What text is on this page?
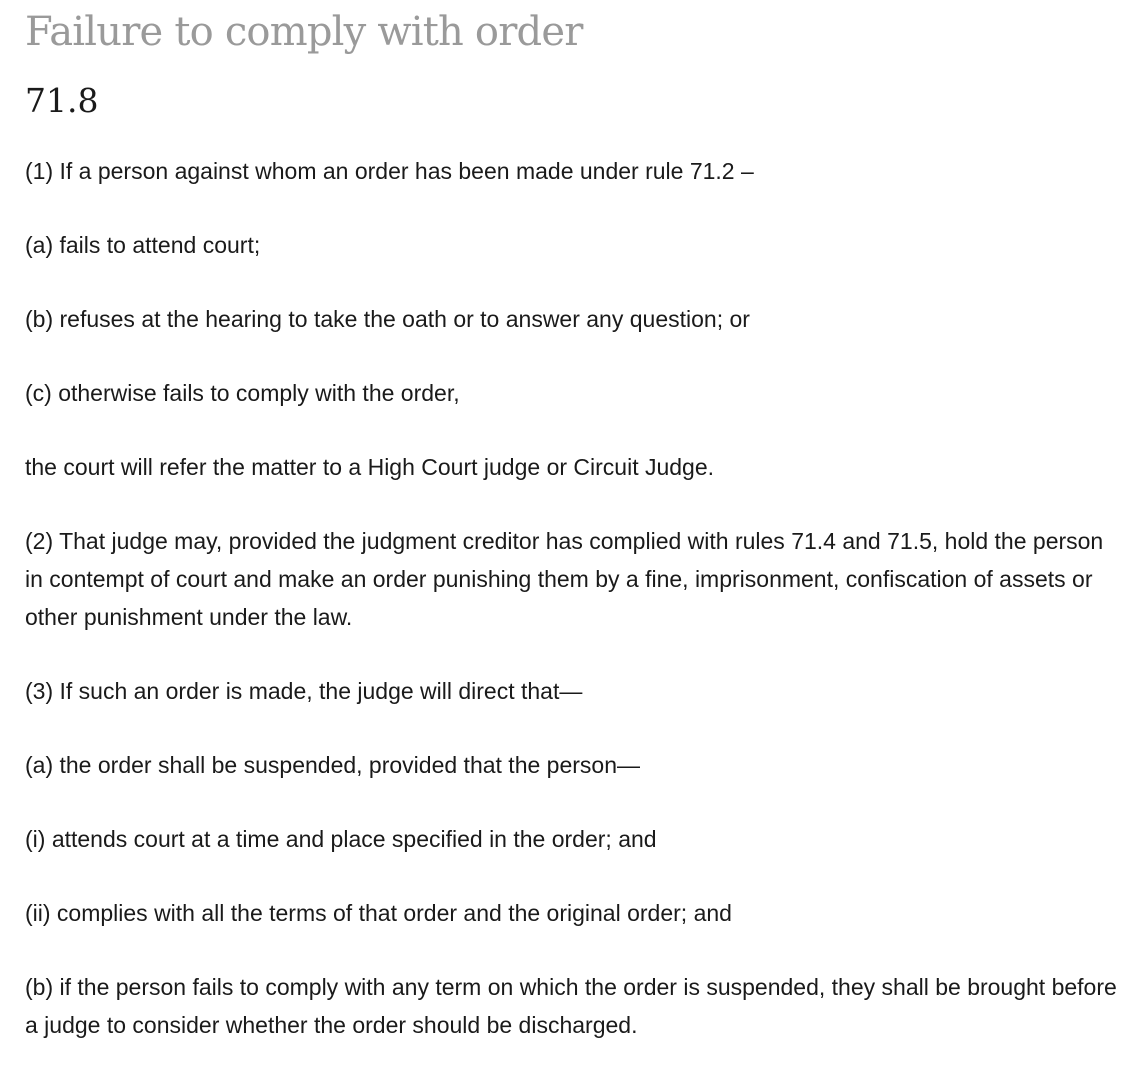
Failure to comply with order
71.8

(1) If a person against whom an order has been made under rule 71.2 –

(a) fails to attend court;

(b) refuses at the hearing to take the oath or to answer any question; or

(c) otherwise fails to comply with the order,

the court will refer the matter to a High Court judge or Circuit Judge.

(2) That judge may, provided the judgment creditor has complied with rules 71.4 and 71.5, hold the person in contempt of court and make an order punishing them by a fine, imprisonment, confiscation of assets or other punishment under the law.

(3) If such an order is made, the judge will direct that—

(a) the order shall be suspended, provided that the person—

(i) attends court at a time and place specified in the order; and

(ii) complies with all the terms of that order and the original order; and

(b) if the person fails to comply with any term on which the order is suspended, they shall be brought before a judge to consider whether the order should be discharged.
